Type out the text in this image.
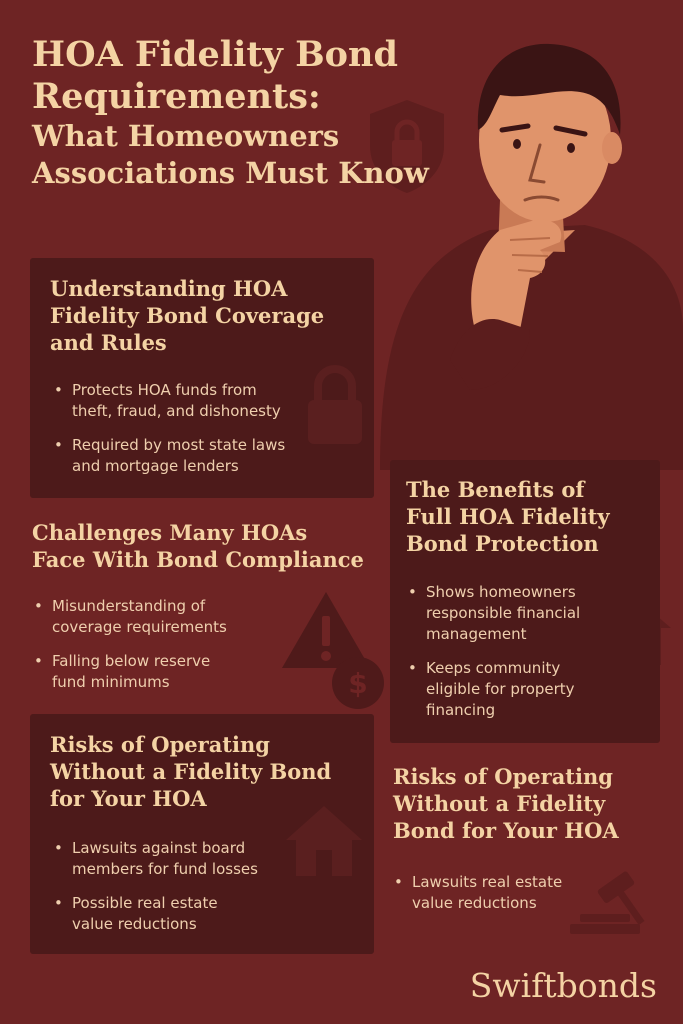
$
HOA Fidelity Bond
Requirements:
What Homeowners
Associations Must Know
Understanding HOA
Fidelity Bond Coverage
and Rules
• Protects HOA funds from
theft, fraud, and dishonesty
• Required by most state laws
and mortgage lenders
Challenges Many HOAs
Face With Bond Compliance
• Misunderstanding of
coverage requirements
• Falling below reserve
fund minimums
Risks of Operating
Without a Fidelity Bond
for Your HOA
• Lawsuits against board
members for fund losses
• Possible real estate
value reductions
The Benefits of
Full HOA Fidelity
Bond Protection
• Shows homeowners
responsible financial
management
• Keeps community
eligible for property
financing
Risks of Operating
Without a Fidelity
Bond for Your HOA
• Lawsuits real estate
value reductions
Swiftbonds
